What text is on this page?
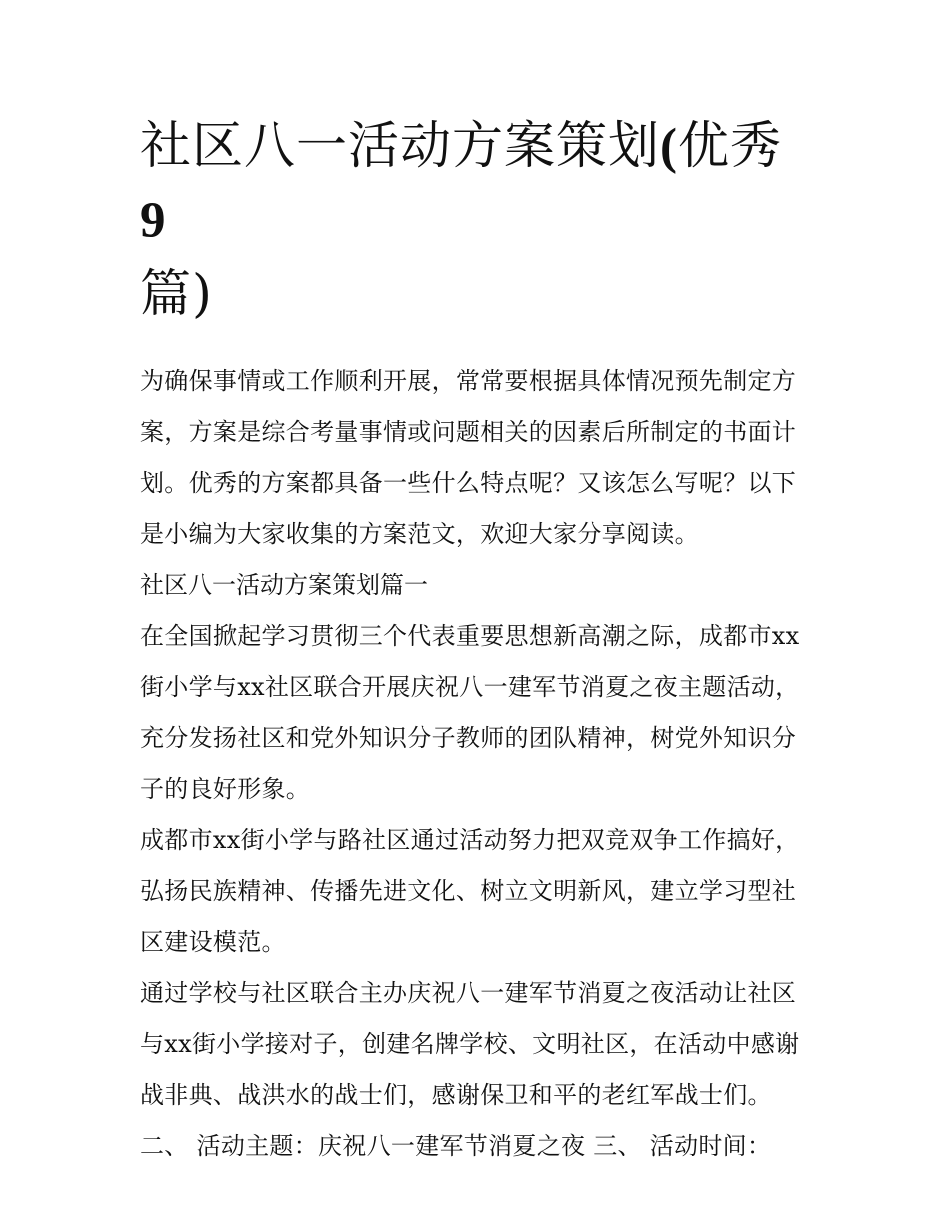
社区八一活动方案策划(优秀 9
篇)

为确保事情或工作顺利开展，常常要根据具体情况预先制定方案，方案是综合考量事情或问题相关的因素后所制定的书面计划。优秀的方案都具备一些什么特点呢？又该怎么写呢？以下是小编为大家收集的方案范文，欢迎大家分享阅读。

社区八一活动方案策划篇一

在全国掀起学习贯彻三个代表重要思想新高潮之际，成都市xx街小学与xx社区联合开展庆祝八一建军节消夏之夜主题活动，充分发扬社区和党外知识分子教师的团队精神，树党外知识分子的良好形象。

成都市xx街小学与路社区通过活动努力把双竞双争工作搞好，弘扬民族精神、传播先进文化、树立文明新风，建立学习型社区建设模范。

通过学校与社区联合主办庆祝八一建军节消夏之夜活动让社区与xx街小学接对子，创建名牌学校、文明社区，在活动中感谢战非典、战洪水的战士们，感谢保卫和平的老红军战士们。

二、 活动主题：庆祝八一建军节消夏之夜 三、 活动时间：
